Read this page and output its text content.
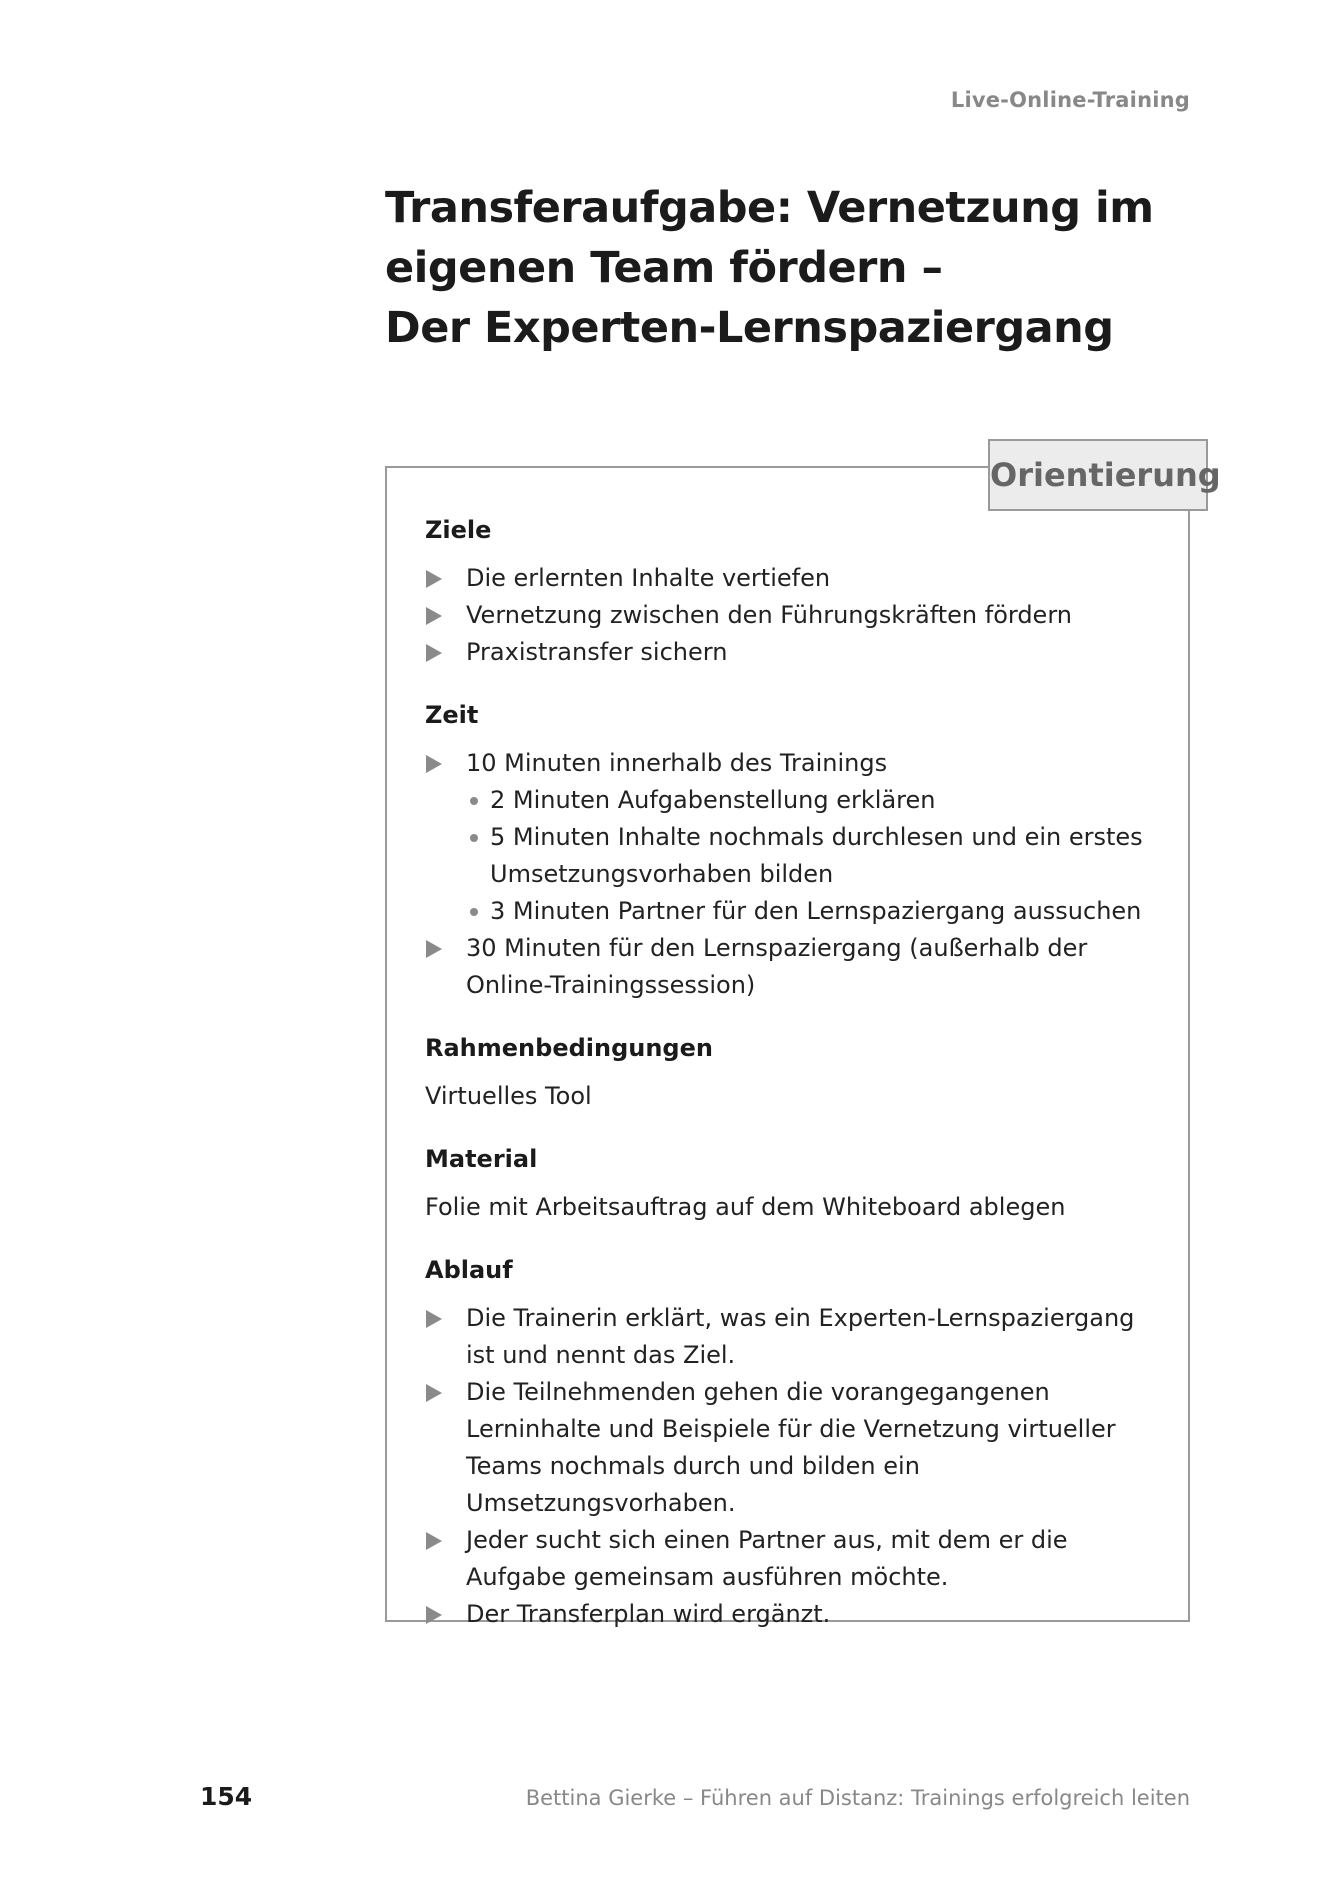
Live-Online-Training
Transferaufgabe: Vernetzung im
eigenen Team fördern –
Der Experten-Lernspaziergang
Orientierung
Ziele
Die erlernten Inhalte vertiefen
Vernetzung zwischen den Führungskräften fördern
Praxistransfer sichern
Zeit
10 Minuten innerhalb des Trainings
2 Minuten Aufgabenstellung erklären
5 Minuten Inhalte nochmals durchlesen und ein erstes Umsetzungsvorhaben bilden
3 Minuten Partner für den Lernspaziergang aussuchen
30 Minuten für den Lernspaziergang (außerhalb der Online-Trainingssession)
Rahmenbedingungen

Virtuelles Tool

Material

Folie mit Arbeitsauftrag auf dem Whiteboard ablegen

Ablauf
Die Trainerin erklärt, was ein Experten-Lernspaziergang ist und nennt das Ziel.
Die Teilnehmenden gehen die vorangegangenen Lerninhalte und Beispiele für die Vernetzung virtueller Teams nochmals durch und bilden ein Umsetzungsvorhaben.
Jeder sucht sich einen Partner aus, mit dem er die Aufgabe gemeinsam ausführen möchte.
Der Transferplan wird ergänzt.
154	Bettina Gierke – Führen auf Distanz: Trainings erfolgreich leiten
